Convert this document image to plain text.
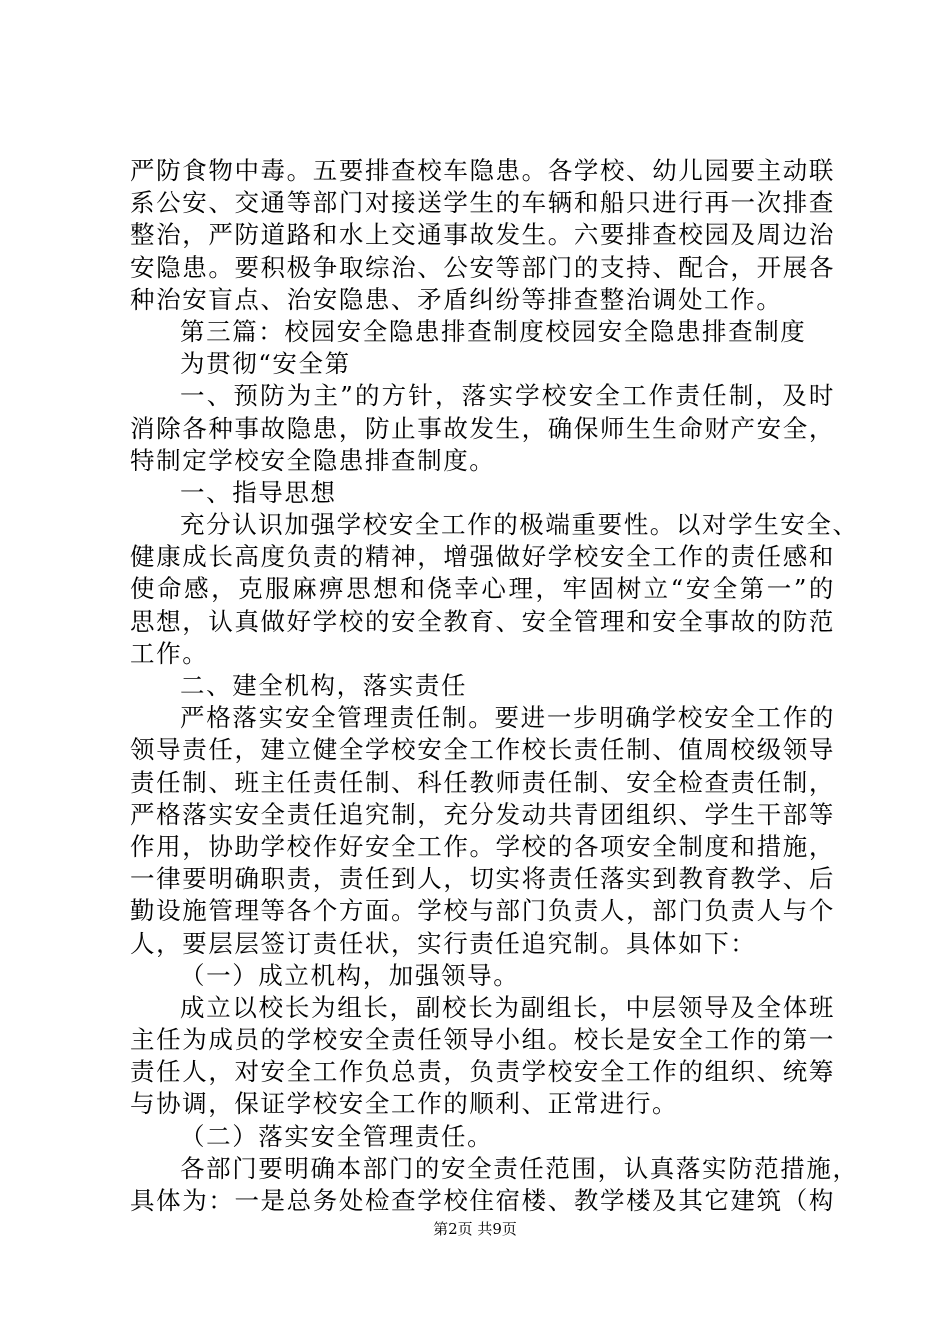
严防食物中毒。五要排查校车隐患。各学校、幼儿园要主动联
系公安、交通等部门对接送学生的车辆和船只进行再一次排查
整治，严防道路和水上交通事故发生。六要排查校园及周边治
安隐患。要积极争取综治、公安等部门的支持、配合，开展各
种治安盲点、治安隐患、矛盾纠纷等排查整治调处工作。
第三篇：校园安全隐患排查制度校园安全隐患排查制度
为贯彻“安全第
一、预防为主”的方针，落实学校安全工作责任制，及时
消除各种事故隐患，防止事故发生，确保师生生命财产安全，
特制定学校安全隐患排查制度。
一、指导思想
充分认识加强学校安全工作的极端重要性。以对学生安全、
健康成长高度负责的精神，增强做好学校安全工作的责任感和
使命感，克服麻痹思想和侥幸心理，牢固树立“安全第一”的
思想，认真做好学校的安全教育、安全管理和安全事故的防范
工作。
二、建全机构，落实责任
严格落实安全管理责任制。要进一步明确学校安全工作的
领导责任，建立健全学校安全工作校长责任制、值周校级领导
责任制、班主任责任制、科任教师责任制、安全检查责任制，
严格落实安全责任追究制，充分发动共青团组织、学生干部等
作用，协助学校作好安全工作。学校的各项安全制度和措施，
一律要明确职责，责任到人，切实将责任落实到教育教学、后
勤设施管理等各个方面。学校与部门负责人，部门负责人与个
人，要层层签订责任状，实行责任追究制。具体如下：
（一）成立机构，加强领导。
成立以校长为组长，副校长为副组长，中层领导及全体班
主任为成员的学校安全责任领导小组。校长是安全工作的第一
责任人，对安全工作负总责，负责学校安全工作的组织、统筹
与协调，保证学校安全工作的顺利、正常进行。
（二）落实安全管理责任。
各部门要明确本部门的安全责任范围，认真落实防范措施，
具体为：一是总务处检查学校住宿楼、教学楼及其它建筑（构
第2页 共9页
